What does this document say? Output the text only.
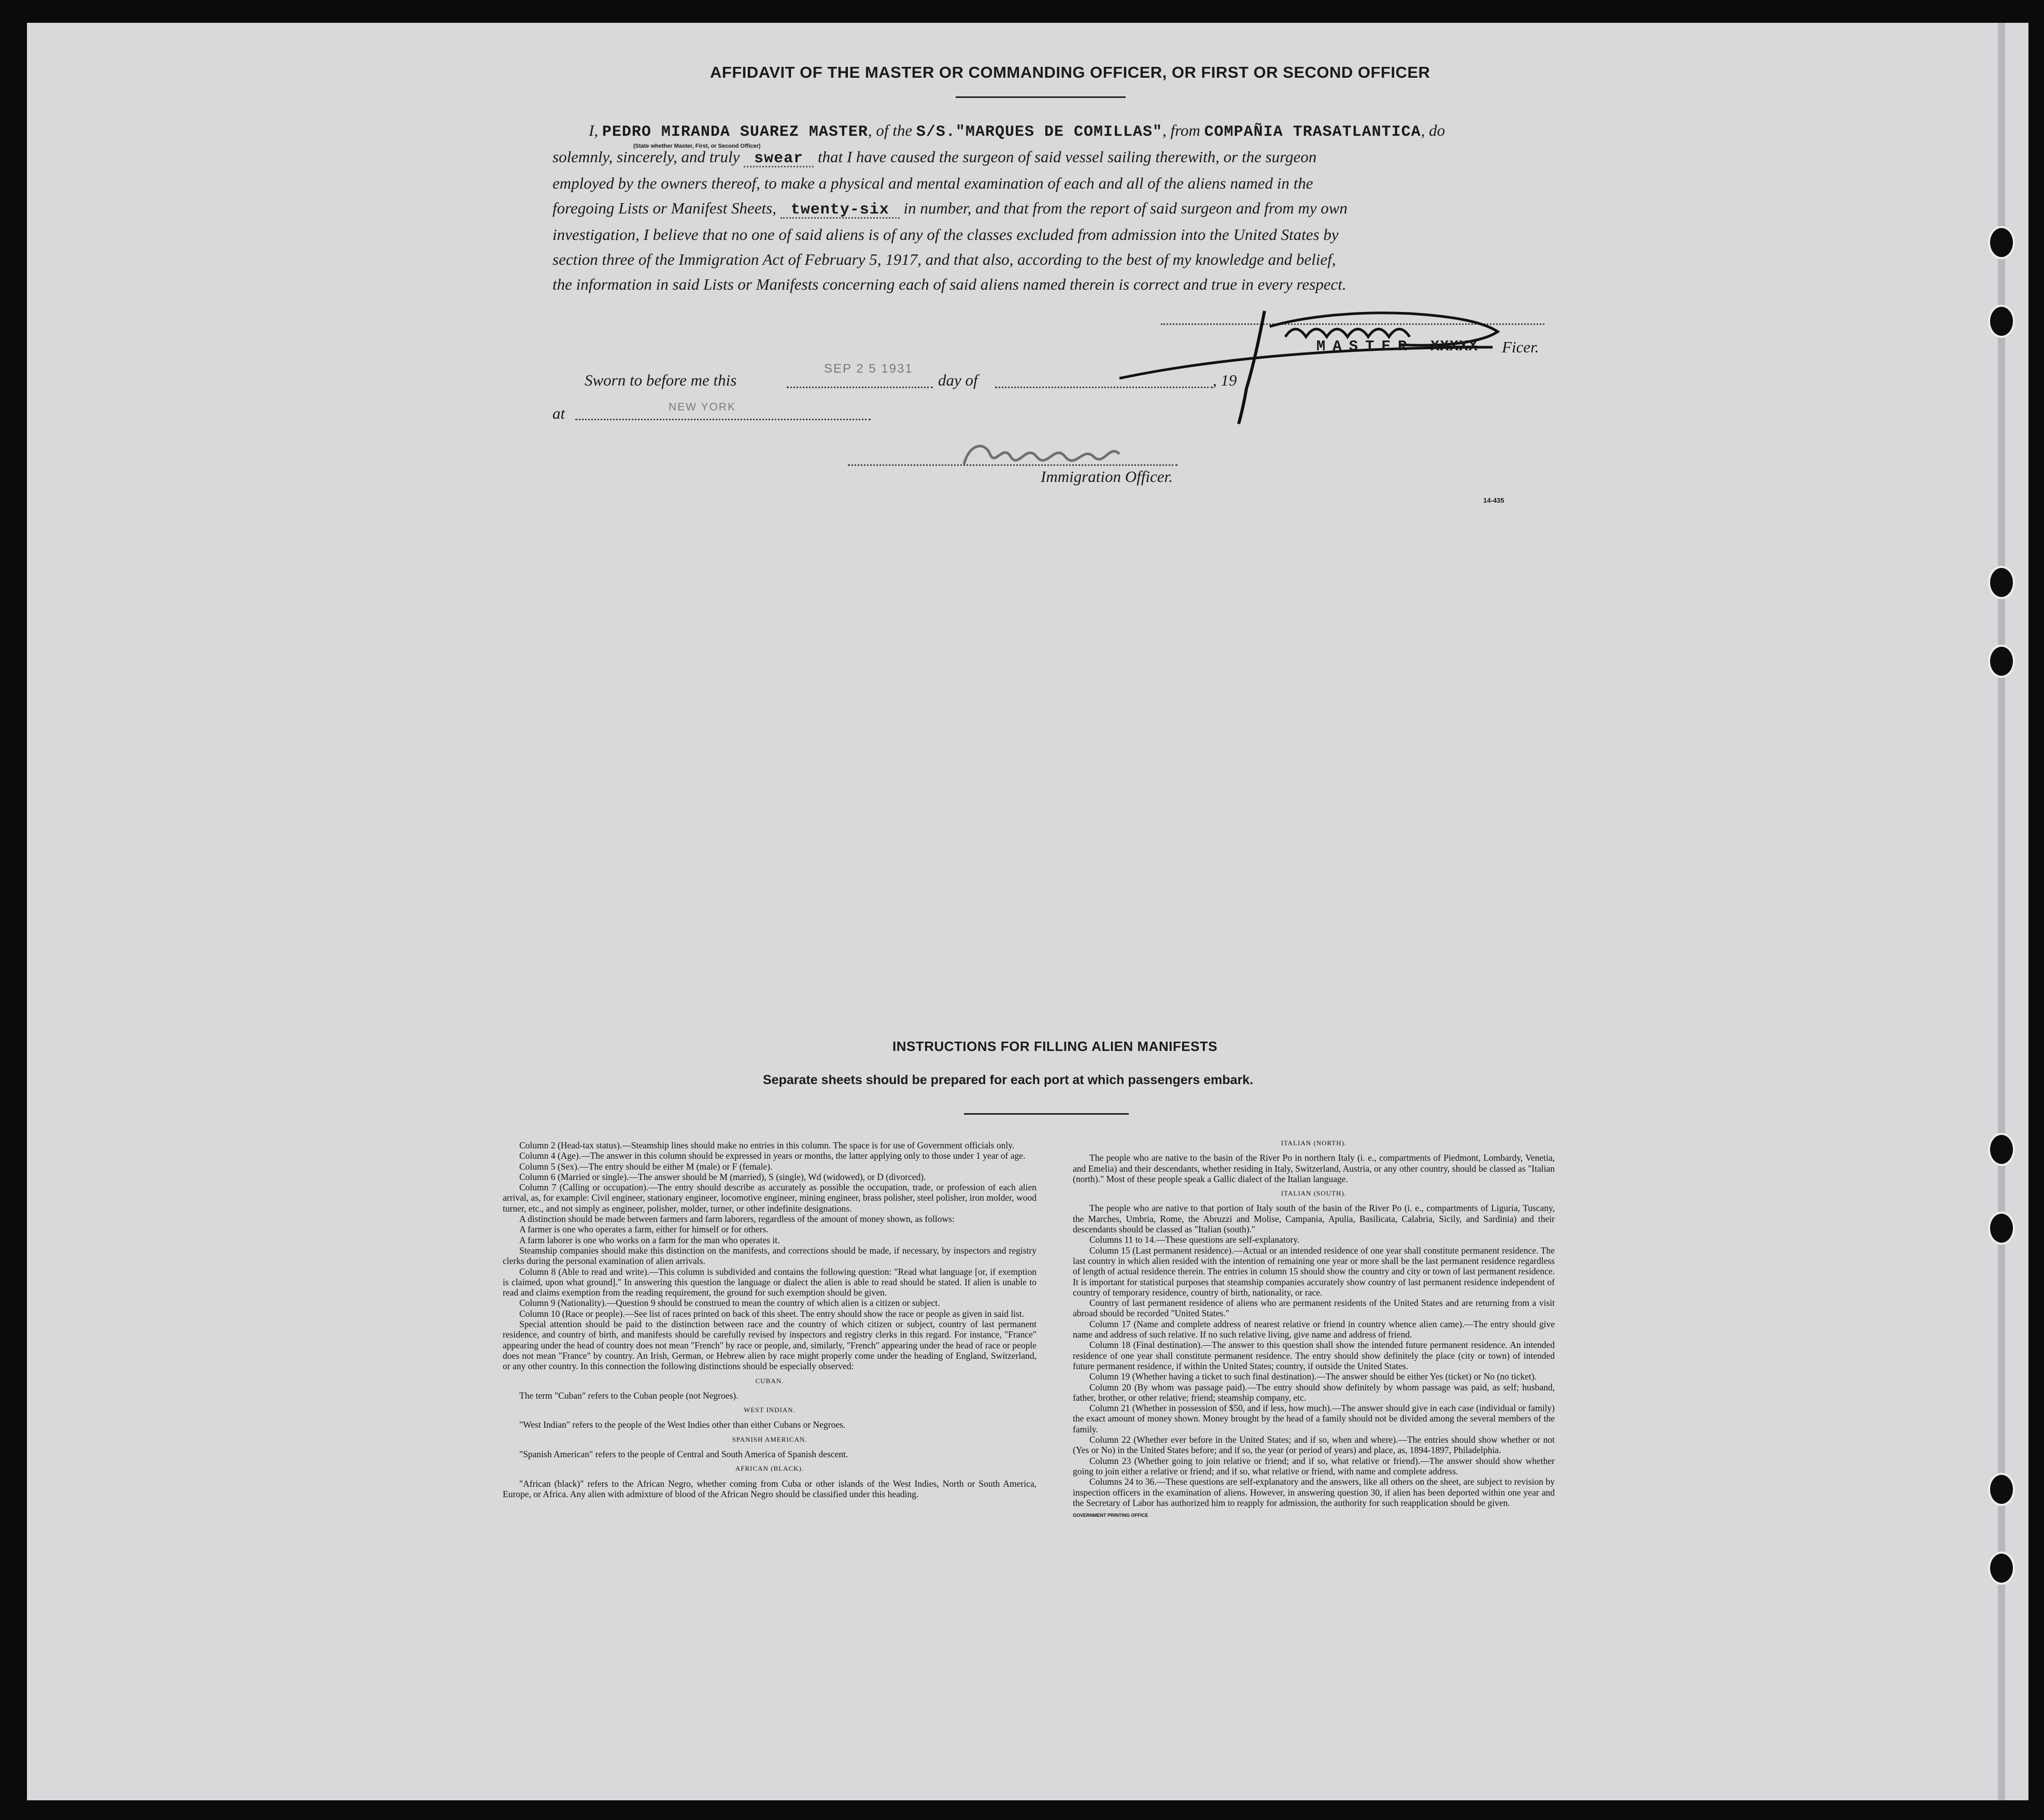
· · · · · · · · · · · · · · · · · · · · · · · · · · · · · · · · · · · · · · · · · · · · · ·
· · · · · · · · · · · · · · · · · · · · · · · · · · · · · · · · · · · · · · · · · · · · · ·
AFFIDAVIT OF THE MASTER OR COMMANDING OFFICER, OR FIRST OR SECOND OFFICER
I, PEDRO MIRANDA SUAREZ MASTER
(State whether Master, First, or Second Officer)
, of the S/S."MARQUES DE COMILLAS", from COMPAÑIA TRASATLANTICA, do
solemnly, sincerely, and truly swear that I have caused the surgeon of said vessel sailing therewith, or the surgeon
employed by the owners thereof, to make a physical and mental examination of each and all of the aliens named in the
foregoing Lists or Manifest Sheets, twenty-six in number, and that from the report of said surgeon and from my own
investigation, I believe that no one of said aliens is of any of the classes excluded from admission into the United States by
section three of the Immigration Act of February 5, 1917, and that also, according to the best of my knowledge and belief,
the information in said Lists or Manifests concerning each of said aliens named therein is correct and true in every respect.
MASTER XXXXX Ficer.
Sworn to before me this
SEP 2 5 1931
day of	, 19
at	NEW YORK
Immigration Officer.
14-435
INSTRUCTIONS FOR FILLING ALIEN MANIFESTS
Separate sheets should be prepared for each port at which passengers embark.

Column 2 (Head-tax status).—Steamship lines should make no entries in this column. The space is for use of Government officials only.

Column 4 (Age).—The answer in this column should be expressed in years or months, the latter applying only to those under 1 year of age.

Column 5 (Sex).—The entry should be either M (male) or F (female).

Column 6 (Married or single).—The answer should be M (married), S (single), Wd (widowed), or D (divorced).

Column 7 (Calling or occupation).—The entry should describe as accurately as possible the occupation, trade, or profession of each alien arrival, as, for example: Civil engineer, stationary engineer, locomotive engineer, mining engineer, brass polisher, steel polisher, iron molder, wood turner, etc., and not simply as engineer, polisher, molder, turner, or other indefinite designations.

A distinction should be made between farmers and farm laborers, regardless of the amount of money shown, as follows:

A farmer is one who operates a farm, either for himself or for others.

A farm laborer is one who works on a farm for the man who operates it.

Steamship companies should make this distinction on the manifests, and corrections should be made, if necessary, by inspectors and registry clerks during the personal examination of alien arrivals.

Column 8 (Able to read and write).—This column is subdivided and contains the following question: "Read what language [or, if exemption is claimed, upon what ground]." In answering this question the language or dialect the alien is able to read should be stated. If alien is unable to read and claims exemption from the reading requirement, the ground for such exemption should be given.

Column 9 (Nationality).—Question 9 should be construed to mean the country of which alien is a citizen or subject.

Column 10 (Race or people).—See list of races printed on back of this sheet. The entry should show the race or people as given in said list.

Special attention should be paid to the distinction between race and the country of which citizen or subject, country of last permanent residence, and country of birth, and manifests should be carefully revised by inspectors and registry clerks in this regard. For instance, "France" appearing under the head of country does not mean "French" by race or people, and, similarly, "French" appearing under the head of race or people does not mean "France" by country. An Irish, German, or Hebrew alien by race might properly come under the heading of England, Switzerland, or any other country. In this connection the following distinctions should be especially observed:

CUBAN.

The term "Cuban" refers to the Cuban people (not Negroes).

WEST INDIAN.

"West Indian" refers to the people of the West Indies other than either Cubans or Negroes.

SPANISH AMERICAN.

"Spanish American" refers to the people of Central and South America of Spanish descent.

AFRICAN (BLACK).

"African (black)" refers to the African Negro, whether coming from Cuba or other islands of the West Indies, North or South America, Europe, or Africa. Any alien with admixture of blood of the African Negro should be classified under this heading.

ITALIAN (NORTH).

The people who are native to the basin of the River Po in northern Italy (i. e., compartments of Piedmont, Lombardy, Venetia, and Emelia) and their descendants, whether residing in Italy, Switzerland, Austria, or any other country, should be classed as "Italian (north)." Most of these people speak a Gallic dialect of the Italian language.

ITALIAN (SOUTH).

The people who are native to that portion of Italy south of the basin of the River Po (i. e., compartments of Liguria, Tuscany, the Marches, Umbria, Rome, the Abruzzi and Molise, Campania, Apulia, Basilicata, Calabria, Sicily, and Sardinia) and their descendants should be classed as "Italian (south)."

Columns 11 to 14.—These questions are self-explanatory.

Column 15 (Last permanent residence).—Actual or an intended residence of one year shall constitute permanent residence. The last country in which alien resided with the intention of remaining one year or more shall be the last permanent residence regardless of length of actual residence therein. The entries in column 15 should show the country and city or town of last permanent residence. It is important for statistical purposes that steamship companies accurately show country of last permanent residence independent of country of temporary residence, country of birth, nationality, or race.

Country of last permanent residence of aliens who are permanent residents of the United States and are returning from a visit abroad should be recorded "United States."

Column 17 (Name and complete address of nearest relative or friend in country whence alien came).—The entry should give name and address of such relative. If no such relative living, give name and address of friend.

Column 18 (Final destination).—The answer to this question shall show the intended future permanent residence. An intended residence of one year shall constitute permanent residence. The entry should show definitely the place (city or town) of intended future permanent residence, if within the United States; country, if outside the United States.

Column 19 (Whether having a ticket to such final destination).—The answer should be either Yes (ticket) or No (no ticket).

Column 20 (By whom was passage paid).—The entry should show definitely by whom passage was paid, as self; husband, father, brother, or other relative; friend; steamship company, etc.

Column 21 (Whether in possession of $50, and if less, how much).—The answer should give in each case (individual or family) the exact amount of money shown. Money brought by the head of a family should not be divided among the several members of the family.

Column 22 (Whether ever before in the United States; and if so, when and where).—The entries should show whether or not (Yes or No) in the United States before; and if so, the year (or period of years) and place, as, 1894-1897, Philadelphia.

Column 23 (Whether going to join relative or friend; and if so, what relative or friend).—The answer should show whether going to join either a relative or friend; and if so, what relative or friend, with name and complete address.

Columns 24 to 36.—These questions are self-explanatory and the answers, like all others on the sheet, are subject to revision by inspection officers in the examination of aliens. However, in answering question 30, if alien has been deported within one year and the Secretary of Labor has authorized him to reapply for admission, the authority for such reapplication should be given.

GOVERNMENT PRINTING OFFICE
